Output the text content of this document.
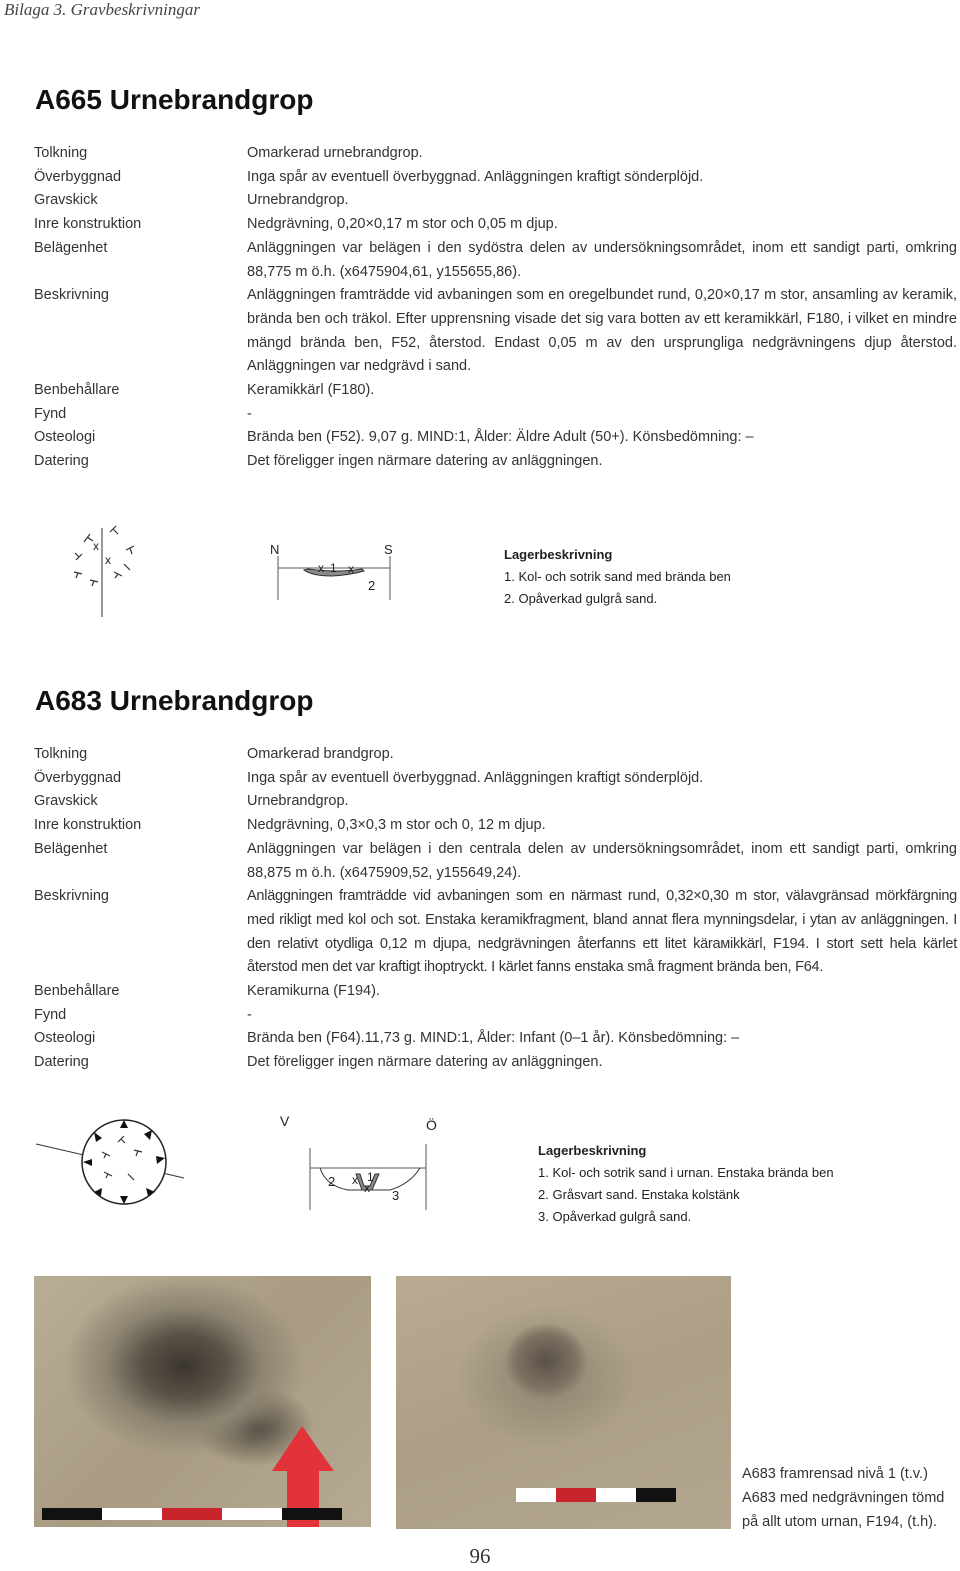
Bilaga 3. Gravbeskrivningar
A665 Urnebrandgrop
Tolkning	Omarkerad urnebrandgrop.
Överbyggnad	Inga spår av eventuell överbyggnad. Anläggningen kraftigt sönderplöjd.
Gravskick	Urnebrandgrop.
Inre konstruktion	Nedgrävning, 0,20×0,17 m stor och 0,05 m djup.
Belägenhet	Anläggningen var belägen i den sydöstra delen av undersökningsområdet, inom ett sandigt parti, omkring 88,775 m ö.h. (x6475904,61, y155655,86).
Beskrivning	Anläggningen framträdde vid avbaningen som en oregelbundet rund, 0,20×0,17 m stor, ansamling av keramik, brända ben och träkol. Efter upprensning visade det sig vara botten av ett keramikkärl, F180, i vilket en mindre mängd brända ben, F52, återstod. Endast 0,05 m av den ursprungliga nedgrävningens djup återstod. Anläggningen var nedgrävd i sand.
Benbehållare	Keramikkärl (F180).
Fynd	-
Osteologi	Brända ben (F52). 9,07 g. MIND:1, Ålder: Äldre Adult (50+). Könsbedömning: –
Datering	Det föreligger ingen närmare datering av anläggningen.
x
x
N	S
x 1 x
2
Lagerbeskrivning
1. Kol- och sotrik sand med brända ben
2. Opåverkad gulgrå sand.
A683 Urnebrandgrop
Tolkning	Omarkerad brandgrop.
Överbyggnad	Inga spår av eventuell överbyggnad. Anläggningen kraftigt sönderplöjd.
Gravskick	Urnebrandgrop.
Inre konstruktion	Nedgrävning, 0,3×0,3 m stor och 0, 12 m djup.
Belägenhet	Anläggningen var belägen i den centrala delen av undersökningsområdet, inom ett sandigt parti, omkring 88,875 m ö.h. (x6475909,52, y155649,24).
Beskrivning	Anläggningen framträdde vid avbaningen som en närmast rund, 0,32×0,30 m stor, välavgränsad mörkfärgning med rikligt med kol och sot. Enstaka keramikfragment, bland annat flera mynningsdelar, i ytan av anläggningen. I den relativt otydliga 0,12 m djupa, nedgrävningen återfanns ett litet kärамikkärl, F194. I stort sett hela kärlet återstod men det var kraftigt ihoptryckt. I kärlet fanns enstaka små fragment brända ben, F64.
Benbehållare	Keramikurna (F194).
Fynd	-
Osteologi	Brända ben (F64).11,73 g. MIND:1, Ålder: Infant (0–1 år). Könsbedömning: –
Datering	Det föreligger ingen närmare datering av anläggningen.
V	Ö
2 x
x
1
3
Lagerbeskrivning
1. Kol- och sotrik sand i urnan. Enstaka brända ben
2. Gråsvart sand. Enstaka kolstänk
3. Opåverkad gulgrå sand.
A683 framrensad nivå 1 (t.v.)
A683 med nedgrävningen tömd
på allt utom urnan, F194, (t.h).
96
